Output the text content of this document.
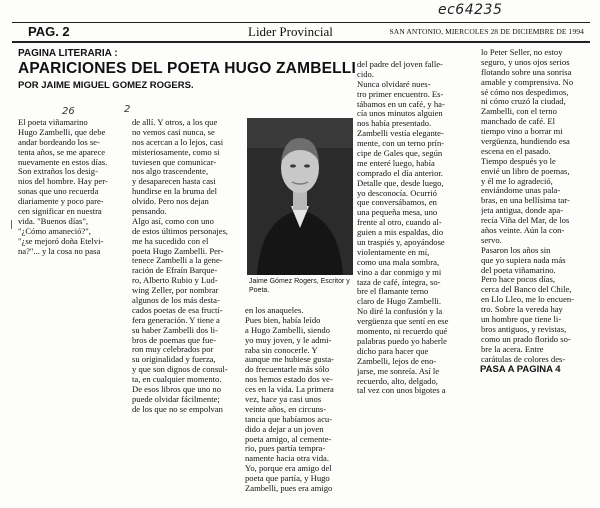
ec64235
PAG. 2	Lider Provincial	SAN ANTONIO, MIERCOLES 28 DE DICIEMBRE DE 1994
PAGINA LITERARIA :
APARICIONES DEL POETA HUGO ZAMBELLI
POR JAIME MIGUEL GOMEZ ROGERS.
26	2
|
El poeta viñamarino
Hugo Zambelli, que debe
andar bordeando los se-
tenta años, se me aparece
nuevamente en estos días.
Son extraños los desig-
nios del hombre. Hay per-
sonas que uno recuerda
diariamente y poco pare-
cen significar en nuestra
vida. "Buenos días",
"¿Cómo amaneció?",
"¿se mejoró doña Etelvi-
na?"... y la cosa no pasa
de allí. Y otros, a los que
no vemos casi nunca, se
nos acercan a lo lejos, casi
misteriosamente, como si
tuviesen que comunicar-
nos algo trascendente,
y desaparecen hasta casi
hundirse en la bruma del
olvido. Pero nos dejan
pensando.
Algo así, como con uno
de estos últimos personajes,
me ha sucedido con el
poeta Hugo Zambelli. Per-
tenece Zambelli a la gene-
ración de Efraín Barque-
ro, Alberto Rubio y Lud-
wing Zeller, por nombrar
algunos de los más desta-
cados poetas de esa fructí-
fera generación. Y tiene a
su haber Zambelli dos li-
bros de poemas que fue-
ron muy celebrados por
su originalidad y fuerza,
y que son dignos de consul-
ta, en cualquier momento.
De esos libros que uno no
puede olvidar fácilmente;
de los que no se empolvan
Jaime Gómez Rogers, Escritor y Poeta.
en los anaqueles.
Pues bien, había leído
a Hugo Zambelli, siendo
yo muy joven, y le admi-
raba sin conocerle. Y
aunque me hubiese gusta-
do frecuentarle más sólo
nos hemos estado dos ve-
ces en la vida. La primera
vez, hace ya casi unos
veinte años, en circuns-
tancia que habíamos acu-
dido a dejar a un joven
poeta amigo, al cemente-
rio, pues partía tempra-
namente hacia otra vida.
Yo, porque era amigo del
poeta que partía, y Hugo
Zambelli, pues era amigo
del padre del joven falle-
cido.
Nunca olvidaré nues-
tro primer encuentro. Es-
tábamos en un café, y ha-
cía unos minutos alguien
nos había presentado.
Zambelli vestía elegante-
mente, con un terno prín-
cipe de Gales que, según
me enteré luego, había
comprado el día anterior.
Detalle que, desde luego,
yo desconocía. Ocurrió
que conversábamos, en
una pequeña mesa, uno
frente al otro, cuando al-
guien a mis espaldas, dio
un traspiés y, apoyándose
violentamente en mí,
como una mala sombra,
vino a dar conmigo y mi
taza de café, íntegra, so-
bre el flamante terno
claro de Hugo Zambelli.
No diré la confusión y la
vergüenza que sentí en ese
momento, ni recuerdo qué
palabras puedo yo haberle
dicho para hacer que
Zambelli, lejos de eno-
jarse, me sonreía. Así le
recuerdo, alto, delgado,
tal vez con unos bigotes a
lo Peter Seller, no estoy
seguro, y unos ojos serios
flotando sobre una sonrisa
amable y comprensiva. No
sé cómo nos despedimos,
ni cómo cruzó la ciudad,
Zambelli, con el terno
manchado de café. El
tiempo vino a borrar mi
vergüenza, hundiendo esa
escena en el pasado.
Tiempo después yo le
envié un libro de poemas,
y él me lo agradeció,
enviándome unas pala-
bras, en una bellísima tar-
jeta antigua, donde apa-
recía Viña del Mar, de los
años veinte. Aún la con-
servo.
Pasaron los años sin
que yo supiera nada más
del poeta viñamarino.
Pero hace pocos días,
cerca del Banco del Chile,
en Llo Lleo, me lo encuen-
tro. Sobre la vereda hay
un hombre que tiene li-
bros antiguos, y revistas,
como un prado florido so-
bre la acera. Entre
carátulas de colores des-
PASA A PAGINA 4
